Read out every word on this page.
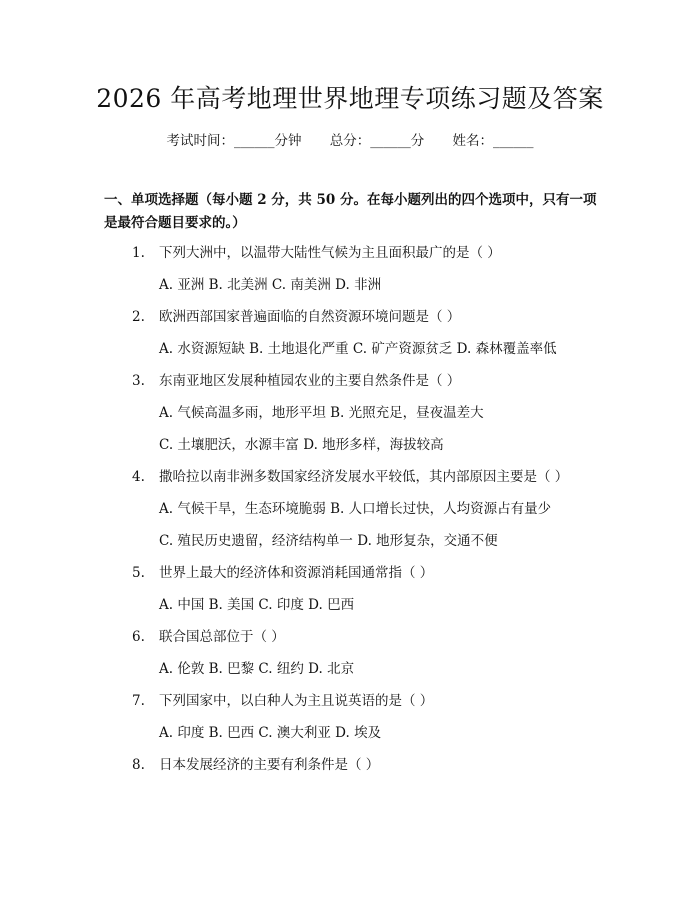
2026 年高考地理世界地理专项练习题及答案
考试时间：______分钟 总分：______分 姓名：______
一、单项选择题（每小题 2 分，共 50 分。在每小题列出的四个选项中，只有一项是最符合题目要求的。）
1. 下列大洲中，以温带大陆性气候为主且面积最广的是（ ）
A. 亚洲 B. 北美洲 C. 南美洲 D. 非洲
2. 欧洲西部国家普遍面临的自然资源环境问题是（ ）
A. 水资源短缺 B. 土地退化严重 C. 矿产资源贫乏 D. 森林覆盖率低
3. 东南亚地区发展种植园农业的主要自然条件是（ ）
A. 气候高温多雨，地形平坦 B. 光照充足，昼夜温差大
C. 土壤肥沃，水源丰富 D. 地形多样，海拔较高
4. 撒哈拉以南非洲多数国家经济发展水平较低，其内部原因主要是（ ）
A. 气候干旱，生态环境脆弱 B. 人口增长过快，人均资源占有量少
C. 殖民历史遗留，经济结构单一 D. 地形复杂，交通不便
5. 世界上最大的经济体和资源消耗国通常指（ ）
A. 中国 B. 美国 C. 印度 D. 巴西
6. 联合国总部位于（ ）
A. 伦敦 B. 巴黎 C. 纽约 D. 北京
7. 下列国家中，以白种人为主且说英语的是（ ）
A. 印度 B. 巴西 C. 澳大利亚 D. 埃及
8. 日本发展经济的主要有利条件是（ ）
